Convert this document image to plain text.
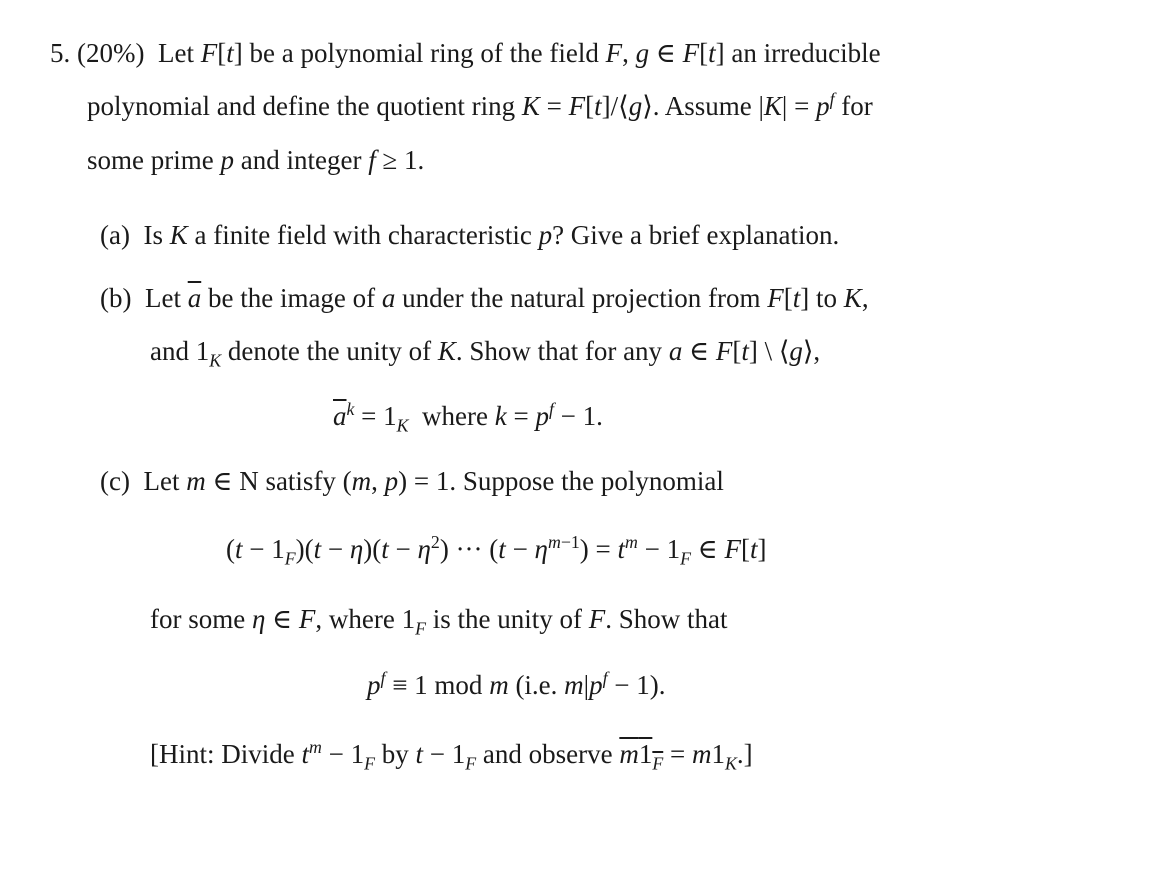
5. (20%)  Let F[t] be a polynomial ring of the field F, g ∈ F[t] an irreducible
polynomial and define the quotient ring K = F[t]/⟨g⟩. Assume $|K| = p^f$ for
some prime p and integer f ≥ 1.
(a)  Is K a finite field with characteristic p? Give a brief explanation.
(b)  Let $\overline{a}$ be the image of a under the natural projection from F[t] to K,
and $1_K$ denote the unity of K. Show that for any a ∈ F[t] \ ⟨g⟩,
$\overline{a}^k = 1_K$  where $k = p^f - 1$.
(c)  Let m ∈ N satisfy (m, p) = 1. Suppose the polynomial
$(t - 1_F)(t - \eta)(t - \eta^2)$ ··· $(t - \eta^{m-1}) = t^m - 1_F$ ∈ F[t]
for some η ∈ F, where $1_F$ is the unity of F. Show that
$p^f \equiv 1$ mod m (i.e. $m|p^f - 1$).
[Hint: Divide $t^m - 1_F$ by $t - 1_F$ and observe $m1_F = m1_K$.]
